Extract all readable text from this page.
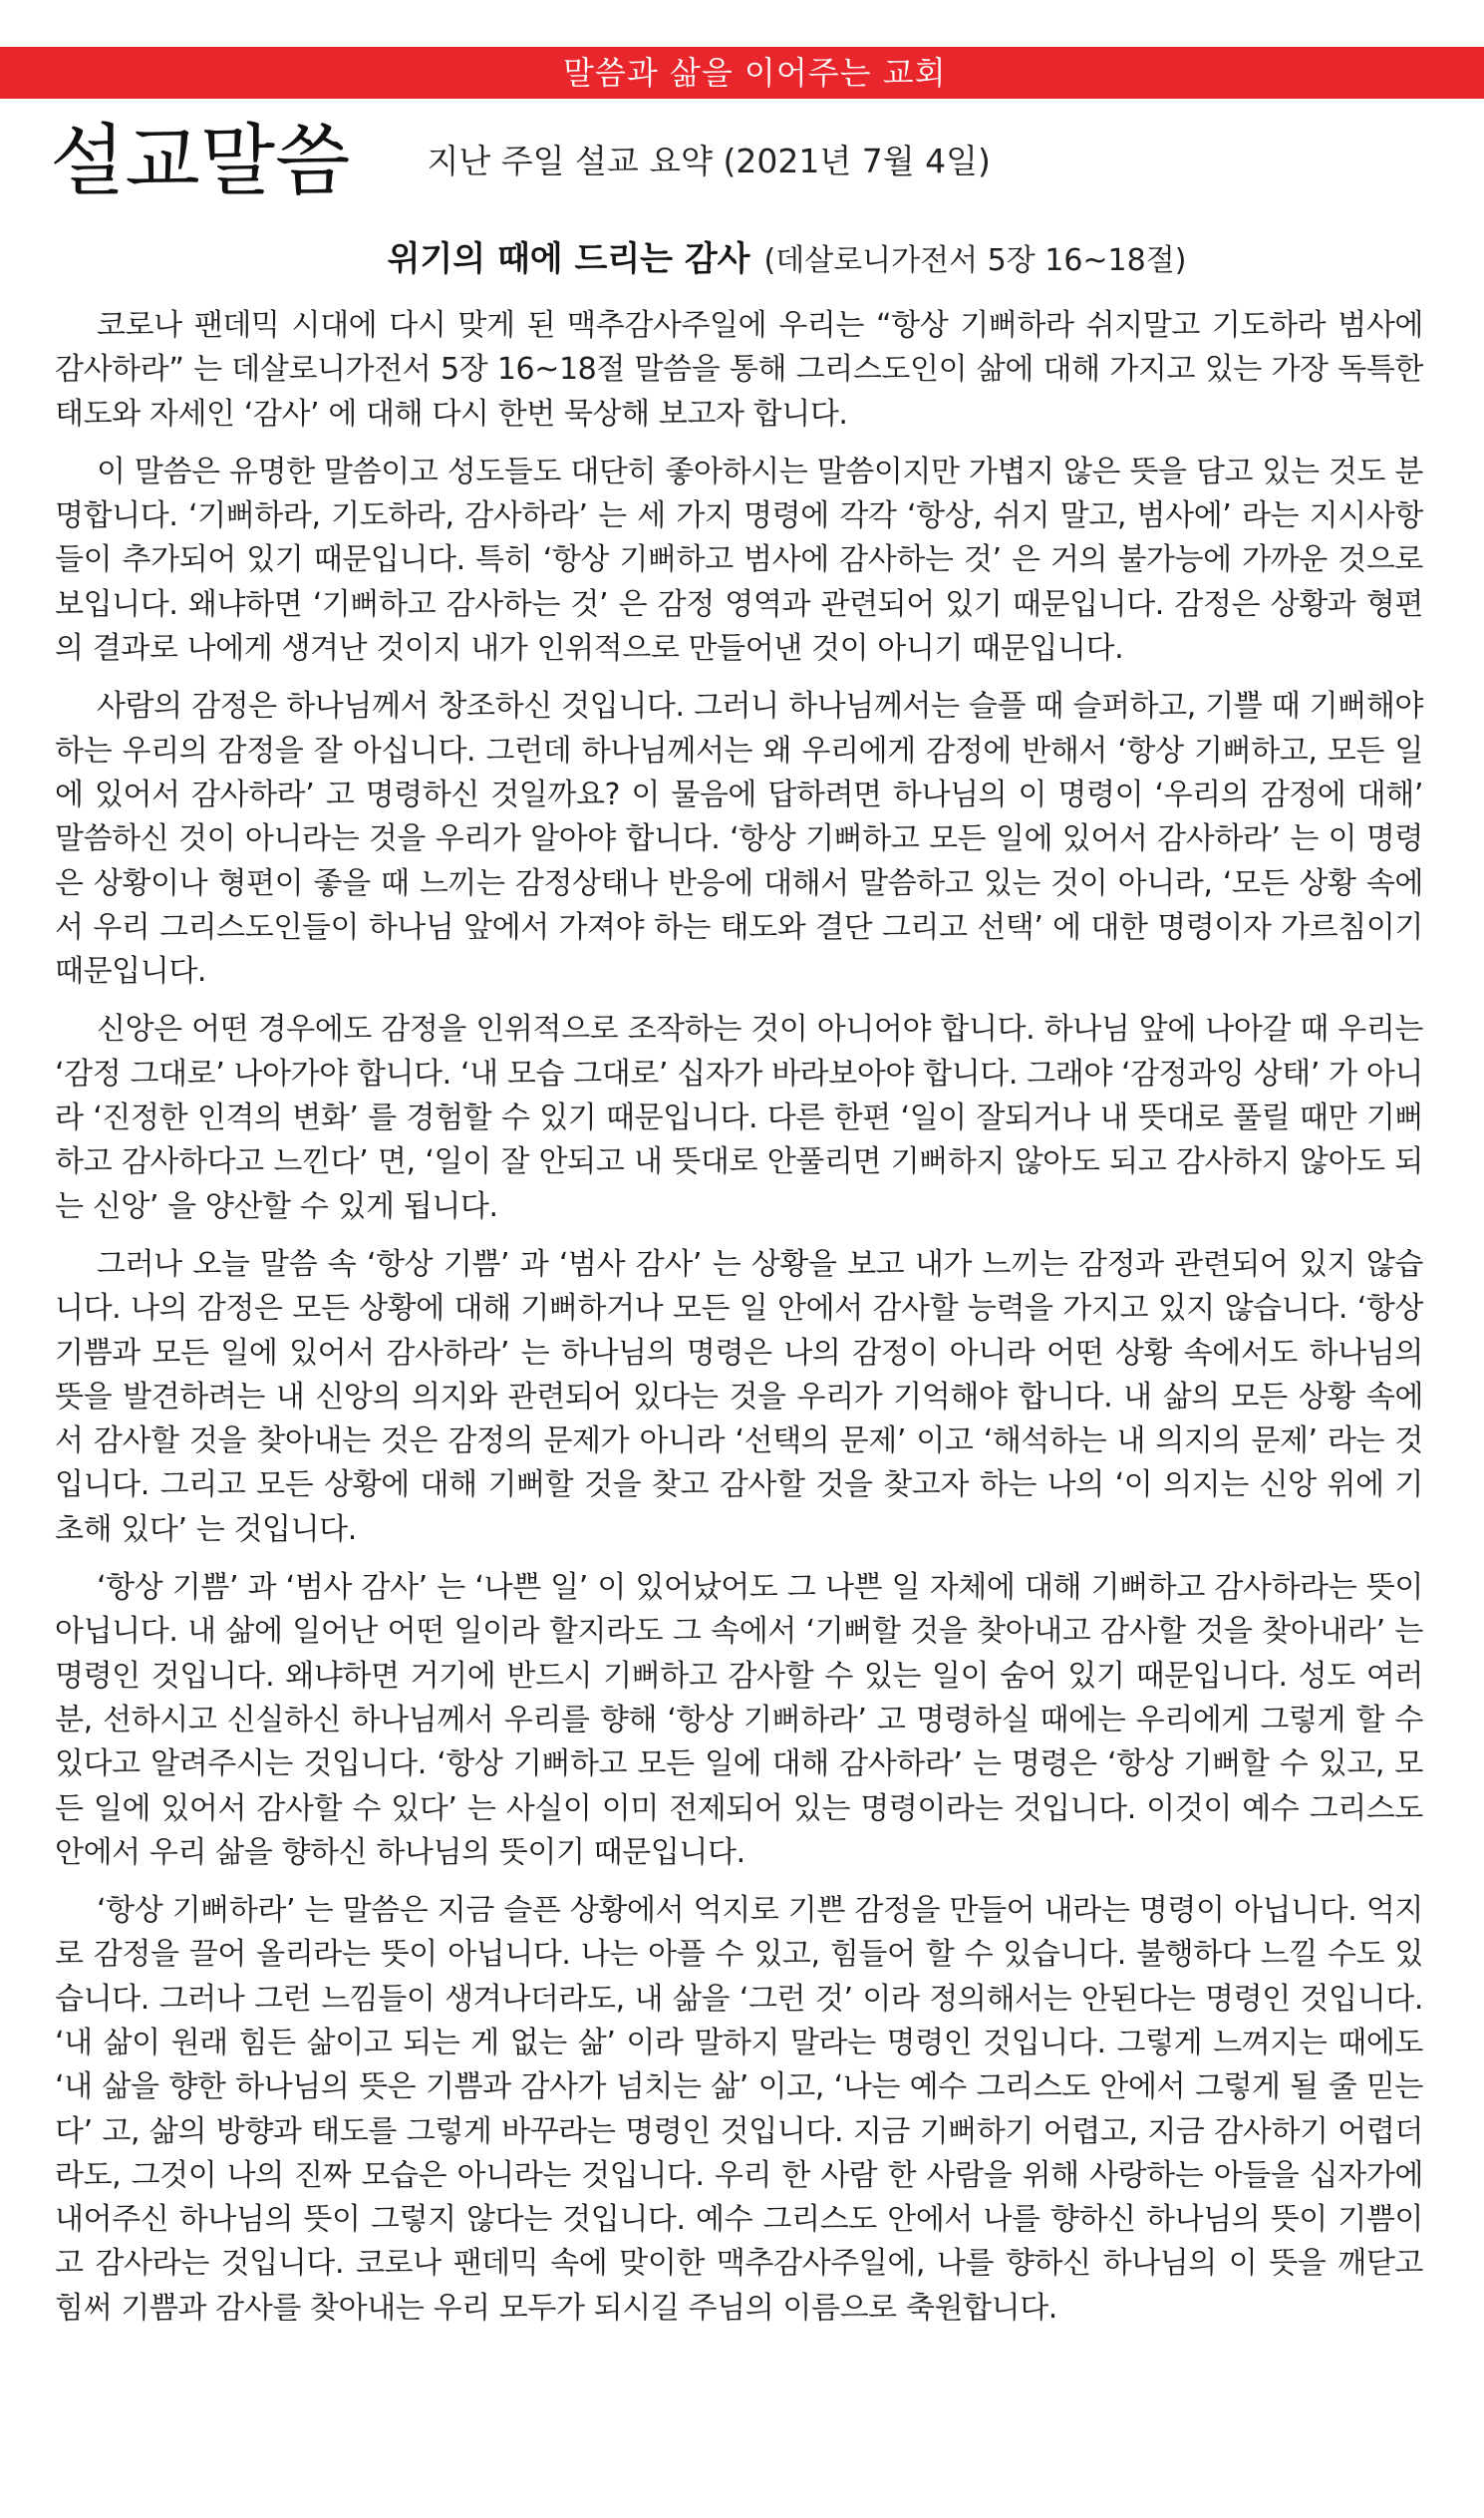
말씀과 삶을 이어주는 교회
설교말씀 지난 주일 설교 요약 (2021년 7월 4일)
위기의 때에 드리는 감사 (데살로니가전서 5장 16~18절)

코로나 팬데믹 시대에 다시 맞게 된 맥추감사주일에 우리는 “항상 기뻐하라 쉬지말고 기도하라 범사에 감사하라” 는 데살로니가전서 5장 16~18절 말씀을 통해 그리스도인이 삶에 대해 가지고 있는 가장 독특한 태도와 자세인 ‘감사’ 에 대해 다시 한번 묵상해 보고자 합니다.

이 말씀은 유명한 말씀이고 성도들도 대단히 좋아하시는 말씀이지만 가볍지 않은 뜻을 담고 있는 것도 분명합니다. ‘기뻐하라, 기도하라, 감사하라’ 는 세 가지 명령에 각각 ‘항상, 쉬지 말고, 범사에’ 라는 지시사항들이 추가되어 있기 때문입니다. 특히 ‘항상 기뻐하고 범사에 감사하는 것’ 은 거의 불가능에 가까운 것으로 보입니다. 왜냐하면 ‘기뻐하고 감사하는 것’ 은 감정 영역과 관련되어 있기 때문입니다. 감정은 상황과 형편의 결과로 나에게 생겨난 것이지 내가 인위적으로 만들어낸 것이 아니기 때문입니다.

사람의 감정은 하나님께서 창조하신 것입니다. 그러니 하나님께서는 슬플 때 슬퍼하고, 기쁠 때 기뻐해야 하는 우리의 감정을 잘 아십니다. 그런데 하나님께서는 왜 우리에게 감정에 반해서 ‘항상 기뻐하고, 모든 일에 있어서 감사하라’ 고 명령하신 것일까요? 이 물음에 답하려면 하나님의 이 명령이 ‘우리의 감정에 대해’ 말씀하신 것이 아니라는 것을 우리가 알아야 합니다. ‘항상 기뻐하고 모든 일에 있어서 감사하라’ 는 이 명령은 상황이나 형편이 좋을 때 느끼는 감정상태나 반응에 대해서 말씀하고 있는 것이 아니라, ‘모든 상황 속에서 우리 그리스도인들이 하나님 앞에서 가져야 하는 태도와 결단 그리고 선택’ 에 대한 명령이자 가르침이기 때문입니다.

신앙은 어떤 경우에도 감정을 인위적으로 조작하는 것이 아니어야 합니다. 하나님 앞에 나아갈 때 우리는 ‘감정 그대로’ 나아가야 합니다. ‘내 모습 그대로’ 십자가 바라보아야 합니다. 그래야 ‘감정과잉 상태’ 가 아니라 ‘진정한 인격의 변화’ 를 경험할 수 있기 때문입니다. 다른 한편 ‘일이 잘되거나 내 뜻대로 풀릴 때만 기뻐하고 감사하다고 느낀다’ 면, ‘일이 잘 안되고 내 뜻대로 안풀리면 기뻐하지 않아도 되고 감사하지 않아도 되는 신앙’ 을 양산할 수 있게 됩니다.

그러나 오늘 말씀 속 ‘항상 기쁨’ 과 ‘범사 감사’ 는 상황을 보고 내가 느끼는 감정과 관련되어 있지 않습니다. 나의 감정은 모든 상황에 대해 기뻐하거나 모든 일 안에서 감사할 능력을 가지고 있지 않습니다. ‘항상 기쁨과 모든 일에 있어서 감사하라’ 는 하나님의 명령은 나의 감정이 아니라 어떤 상황 속에서도 하나님의 뜻을 발견하려는 내 신앙의 의지와 관련되어 있다는 것을 우리가 기억해야 합니다. 내 삶의 모든 상황 속에서 감사할 것을 찾아내는 것은 감정의 문제가 아니라 ‘선택의 문제’ 이고 ‘해석하는 내 의지의 문제’ 라는 것입니다. 그리고 모든 상황에 대해 기뻐할 것을 찾고 감사할 것을 찾고자 하는 나의 ‘이 의지는 신앙 위에 기초해 있다’ 는 것입니다.

‘항상 기쁨’ 과 ‘범사 감사’ 는 ‘나쁜 일’ 이 있어났어도 그 나쁜 일 자체에 대해 기뻐하고 감사하라는 뜻이 아닙니다. 내 삶에 일어난 어떤 일이라 할지라도 그 속에서 ‘기뻐할 것을 찾아내고 감사할 것을 찾아내라’ 는 명령인 것입니다. 왜냐하면 거기에 반드시 기뻐하고 감사할 수 있는 일이 숨어 있기 때문입니다. 성도 여러분, 선하시고 신실하신 하나님께서 우리를 향해 ‘항상 기뻐하라’ 고 명령하실 때에는 우리에게 그렇게 할 수 있다고 알려주시는 것입니다. ‘항상 기뻐하고 모든 일에 대해 감사하라’ 는 명령은 ‘항상 기뻐할 수 있고, 모든 일에 있어서 감사할 수 있다’ 는 사실이 이미 전제되어 있는 명령이라는 것입니다. 이것이 예수 그리스도 안에서 우리 삶을 향하신 하나님의 뜻이기 때문입니다.

‘항상 기뻐하라’ 는 말씀은 지금 슬픈 상황에서 억지로 기쁜 감정을 만들어 내라는 명령이 아닙니다. 억지로 감정을 끌어 올리라는 뜻이 아닙니다. 나는 아플 수 있고, 힘들어 할 수 있습니다. 불행하다 느낄 수도 있습니다. 그러나 그런 느낌들이 생겨나더라도, 내 삶을 ‘그런 것’ 이라 정의해서는 안된다는 명령인 것입니다. ‘내 삶이 원래 힘든 삶이고 되는 게 없는 삶’ 이라 말하지 말라는 명령인 것입니다. 그렇게 느껴지는 때에도 ‘내 삶을 향한 하나님의 뜻은 기쁨과 감사가 넘치는 삶’ 이고, ‘나는 예수 그리스도 안에서 그렇게 될 줄 믿는다’ 고, 삶의 방향과 태도를 그렇게 바꾸라는 명령인 것입니다. 지금 기뻐하기 어렵고, 지금 감사하기 어렵더라도, 그것이 나의 진짜 모습은 아니라는 것입니다. 우리 한 사람 한 사람을 위해 사랑하는 아들을 십자가에 내어주신 하나님의 뜻이 그렇지 않다는 것입니다. 예수 그리스도 안에서 나를 향하신 하나님의 뜻이 기쁨이고 감사라는 것입니다. 코로나 팬데믹 속에 맞이한 맥추감사주일에, 나를 향하신 하나님의 이 뜻을 깨닫고 힘써 기쁨과 감사를 찾아내는 우리 모두가 되시길 주님의 이름으로 축원합니다.
